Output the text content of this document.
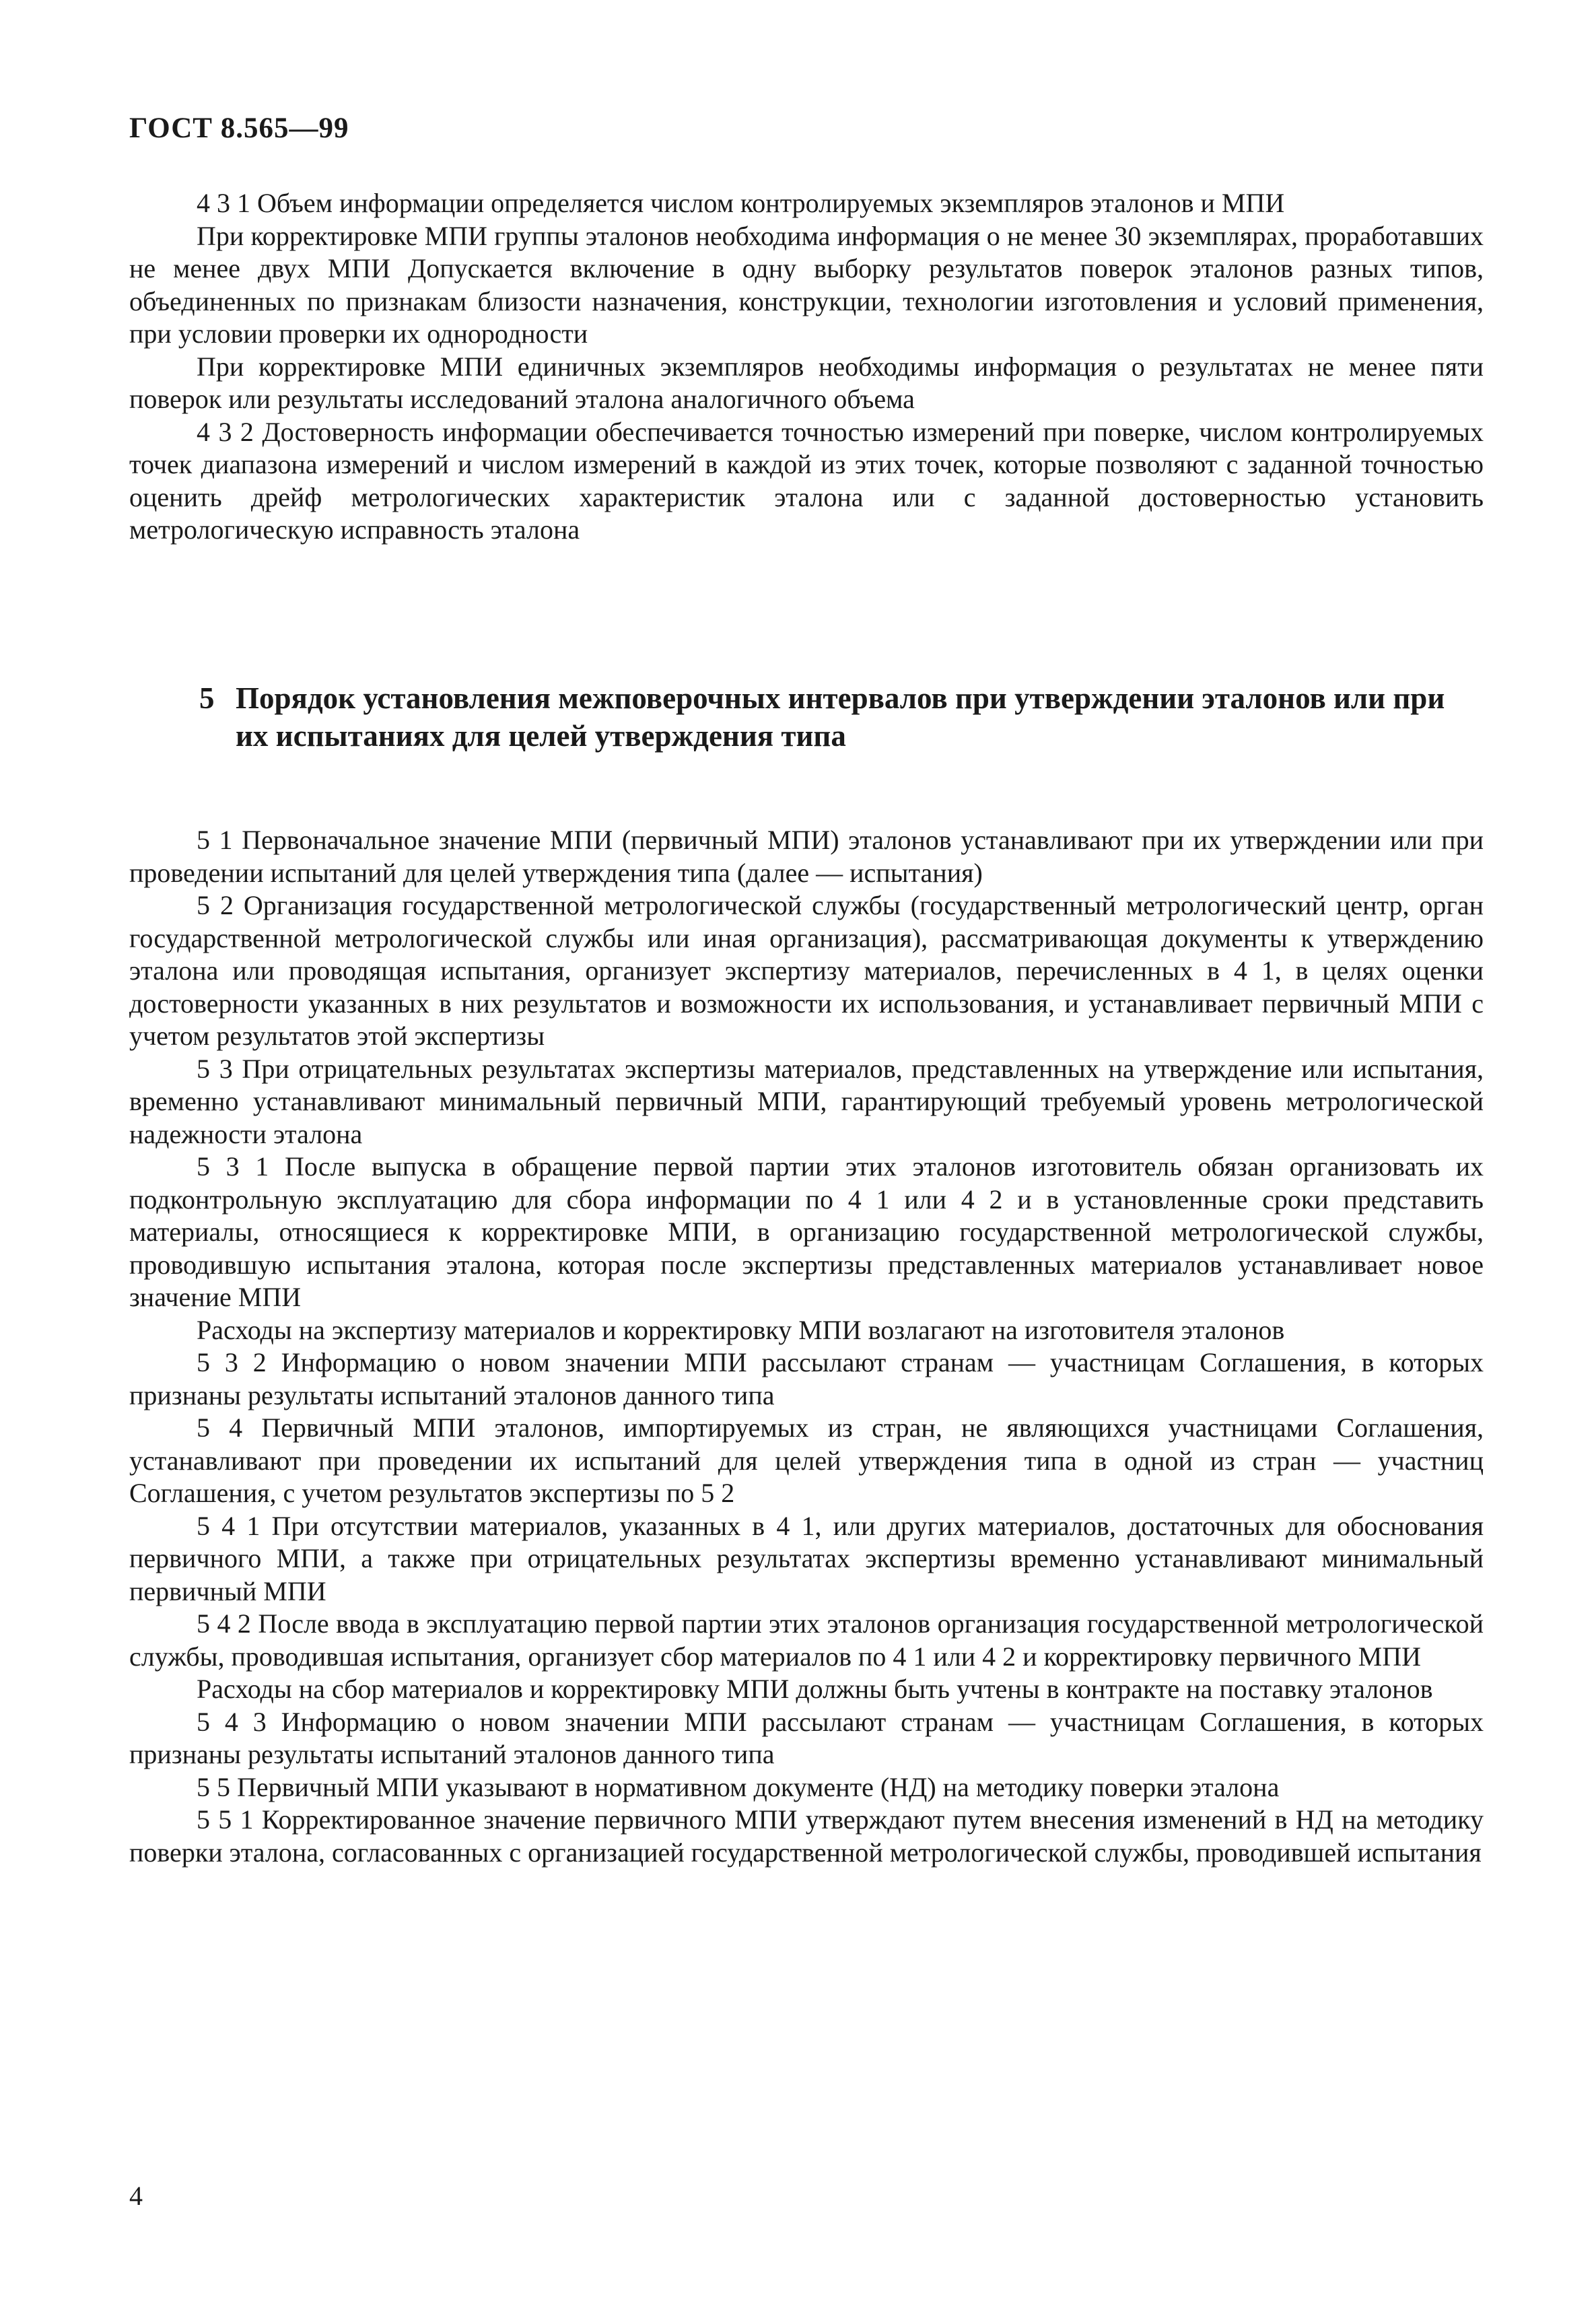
ГОСТ 8.565—99

4 3 1 Объем информации определяется числом контролируемых экземпляров эталонов и МПИ

При корректировке МПИ группы эталонов необходима информация о не менее 30 экземплярах, проработавших не менее двух МПИ Допускается включение в одну выборку результатов поверок эталонов разных типов, объединенных по признакам близости назначения, конструкции, технологии изготовления и условий применения, при условии проверки их однородности

При корректировке МПИ единичных экземпляров необходимы информация о результатах не менее пяти поверок или результаты исследований эталона аналогичного объема

4 3 2 Достоверность информации обеспечивается точностью измерений при поверке, числом контролируемых точек диапазона измерений и числом измерений в каждой из этих точек, которые позволяют с заданной точностью оценить дрейф метрологических характеристик эталона или с заданной достоверностью установить метрологическую исправность эталона

5 Порядок установления межповерочных интервалов при утверждении эталонов или при их испытаниях для целей утверждения типа

5 1 Первоначальное значение МПИ (первичный МПИ) эталонов устанавливают при их утверждении или при проведении испытаний для целей утверждения типа (далее — испытания)

5 2 Организация государственной метрологической службы (государственный метрологический центр, орган государственной метрологической службы или иная организация), рассматривающая документы к утверждению эталона или проводящая испытания, организует экспертизу материалов, перечисленных в 4 1, в целях оценки достоверности указанных в них результатов и возможности их использования, и устанавливает первичный МПИ с учетом результатов этой экспертизы

5 3 При отрицательных результатах экспертизы материалов, представленных на утверждение или испытания, временно устанавливают минимальный первичный МПИ, гарантирующий требуемый уровень метрологической надежности эталона

5 3 1 После выпуска в обращение первой партии этих эталонов изготовитель обязан организовать их подконтрольную эксплуатацию для сбора информации по 4 1 или 4 2 и в установленные сроки представить материалы, относящиеся к корректировке МПИ, в организацию государственной метрологической службы, проводившую испытания эталона, которая после экспертизы представленных материалов устанавливает новое значение МПИ

Расходы на экспертизу материалов и корректировку МПИ возлагают на изготовителя эталонов

5 3 2 Информацию о новом значении МПИ рассылают странам — участницам Соглашения, в которых признаны результаты испытаний эталонов данного типа

5 4 Первичный МПИ эталонов, импортируемых из стран, не являющихся участницами Соглашения, устанавливают при проведении их испытаний для целей утверждения типа в одной из стран — участниц Соглашения, с учетом результатов экспертизы по 5 2

5 4 1 При отсутствии материалов, указанных в 4 1, или других материалов, достаточных для обоснования первичного МПИ, а также при отрицательных результатах экспертизы временно устанавливают минимальный первичный МПИ

5 4 2 После ввода в эксплуатацию первой партии этих эталонов организация государственной метрологической службы, проводившая испытания, организует сбор материалов по 4 1 или 4 2 и корректировку первичного МПИ

Расходы на сбор материалов и корректировку МПИ должны быть учтены в контракте на поставку эталонов

5 4 3 Информацию о новом значении МПИ рассылают странам — участницам Соглашения, в которых признаны результаты испытаний эталонов данного типа

5 5 Первичный МПИ указывают в нормативном документе (НД) на методику поверки эталона

5 5 1 Корректированное значение первичного МПИ утверждают путем внесения изменений в НД на методику поверки эталона, согласованных с организацией государственной метрологической службы, проводившей испытания

4
